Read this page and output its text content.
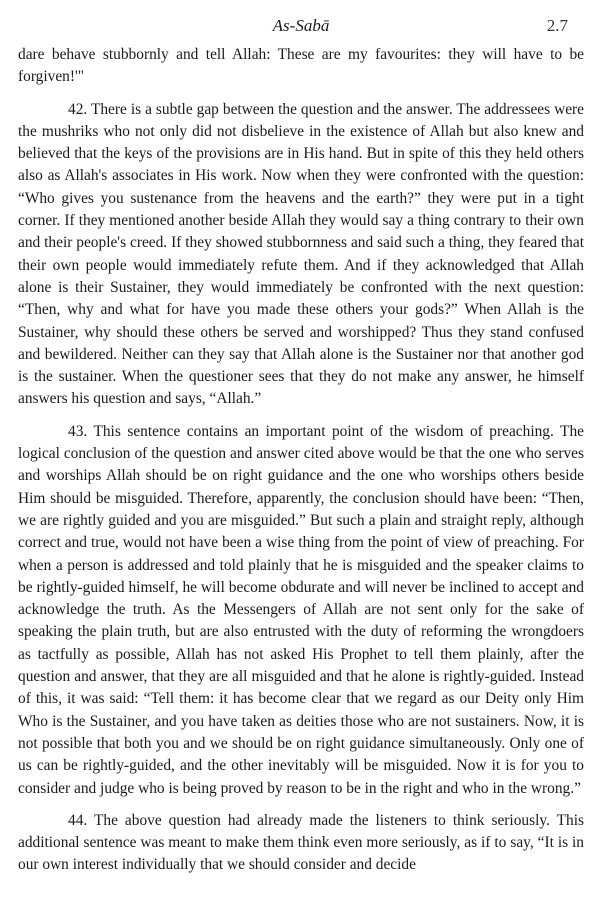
As-Sabā	2.7

dare behave stubbornly and tell Allah: These are my favourites: they will have to be forgiven!'"

42. There is a subtle gap between the question and the answer. The addressees were the mushriks who not only did not disbelieve in the existence of Allah but also knew and believed that the keys of the provisions are in His hand. But in spite of this they held others also as Allah's associates in His work. Now when they were confronted with the question: “Who gives you sustenance from the heavens and the earth?” they were put in a tight corner. If they mentioned another beside Allah they would say a thing contrary to their own and their people's creed. If they showed stubbornness and said such a thing, they feared that their own people would immediately refute them. And if they acknowledged that Allah alone is their Sustainer, they would immediately be confronted with the next question: “Then, why and what for have you made these others your gods?” When Allah is the Sustainer, why should these others be served and worshipped? Thus they stand confused and bewildered. Neither can they say that Allah alone is the Sustainer nor that another god is the sustainer. When the questioner sees that they do not make any answer, he himself answers his question and says, “Allah.”

43. This sentence contains an important point of the wisdom of preaching. The logical conclusion of the question and answer cited above would be that the one who serves and worships Allah should be on right guidance and the one who worships others beside Him should be misguided. Therefore, apparently, the conclusion should have been: “Then, we are rightly guided and you are misguided.” But such a plain and straight reply, although correct and true, would not have been a wise thing from the point of view of preaching. For when a person is addressed and told plainly that he is misguided and the speaker claims to be rightly-guided himself, he will become obdurate and will never be inclined to accept and acknowledge the truth. As the Messengers of Allah are not sent only for the sake of speaking the plain truth, but are also entrusted with the duty of reforming the wrongdoers as tactfully as possible, Allah has not asked His Prophet to tell them plainly, after the question and answer, that they are all misguided and that he alone is rightly-guided. Instead of this, it was said: “Tell them: it has become clear that we regard as our Deity only Him Who is the Sustainer, and you have taken as deities those who are not sustainers. Now, it is not possible that both you and we should be on right guidance simultaneously. Only one of us can be rightly-guided, and the other inevitably will be misguided. Now it is for you to consider and judge who is being proved by reason to be in the right and who in the wrong.”

44. The above question had already made the listeners to think seriously. This additional sentence was meant to make them think even more seriously, as if to say, “It is in our own interest individually that we should consider and decide
